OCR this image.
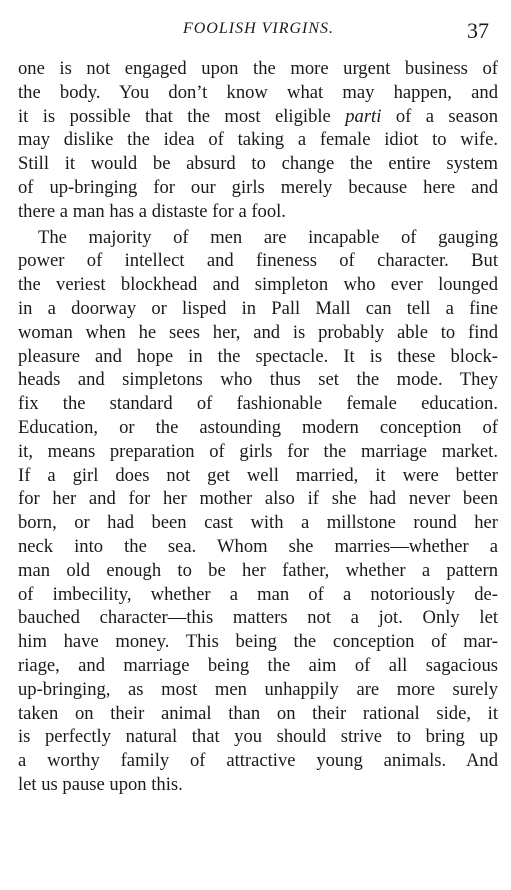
FOOLISH VIRGINS.	37
one is not engaged upon the more urgent business of
the body. You don’t know what may happen, and
it is possible that the most eligible parti of a season
may dislike the idea of taking a female idiot to wife.
Still it would be absurd to change the entire system
of up-bringing for our girls merely because here and
there a man has a distaste for a fool.
The majority of men are incapable of gauging
power of intellect and fineness of character. But
the veriest blockhead and simpleton who ever lounged
in a doorway or lisped in Pall Mall can tell a fine
woman when he sees her, and is probably able to find
pleasure and hope in the spectacle. It is these block-
heads and simpletons who thus set the mode. They
fix the standard of fashionable female education.
Education, or the astounding modern conception of
it, means preparation of girls for the marriage market.
If a girl does not get well married, it were better
for her and for her mother also if she had never been
born, or had been cast with a millstone round her
neck into the sea. Whom she marries—whether a
man old enough to be her father, whether a pattern
of imbecility, whether a man of a notoriously de-
bauched character—this matters not a jot. Only let
him have money. This being the conception of mar-
riage, and marriage being the aim of all sagacious
up-bringing, as most men unhappily are more surely
taken on their animal than on their rational side, it
is perfectly natural that you should strive to bring up
a worthy family of attractive young animals. And
let us pause upon this.
